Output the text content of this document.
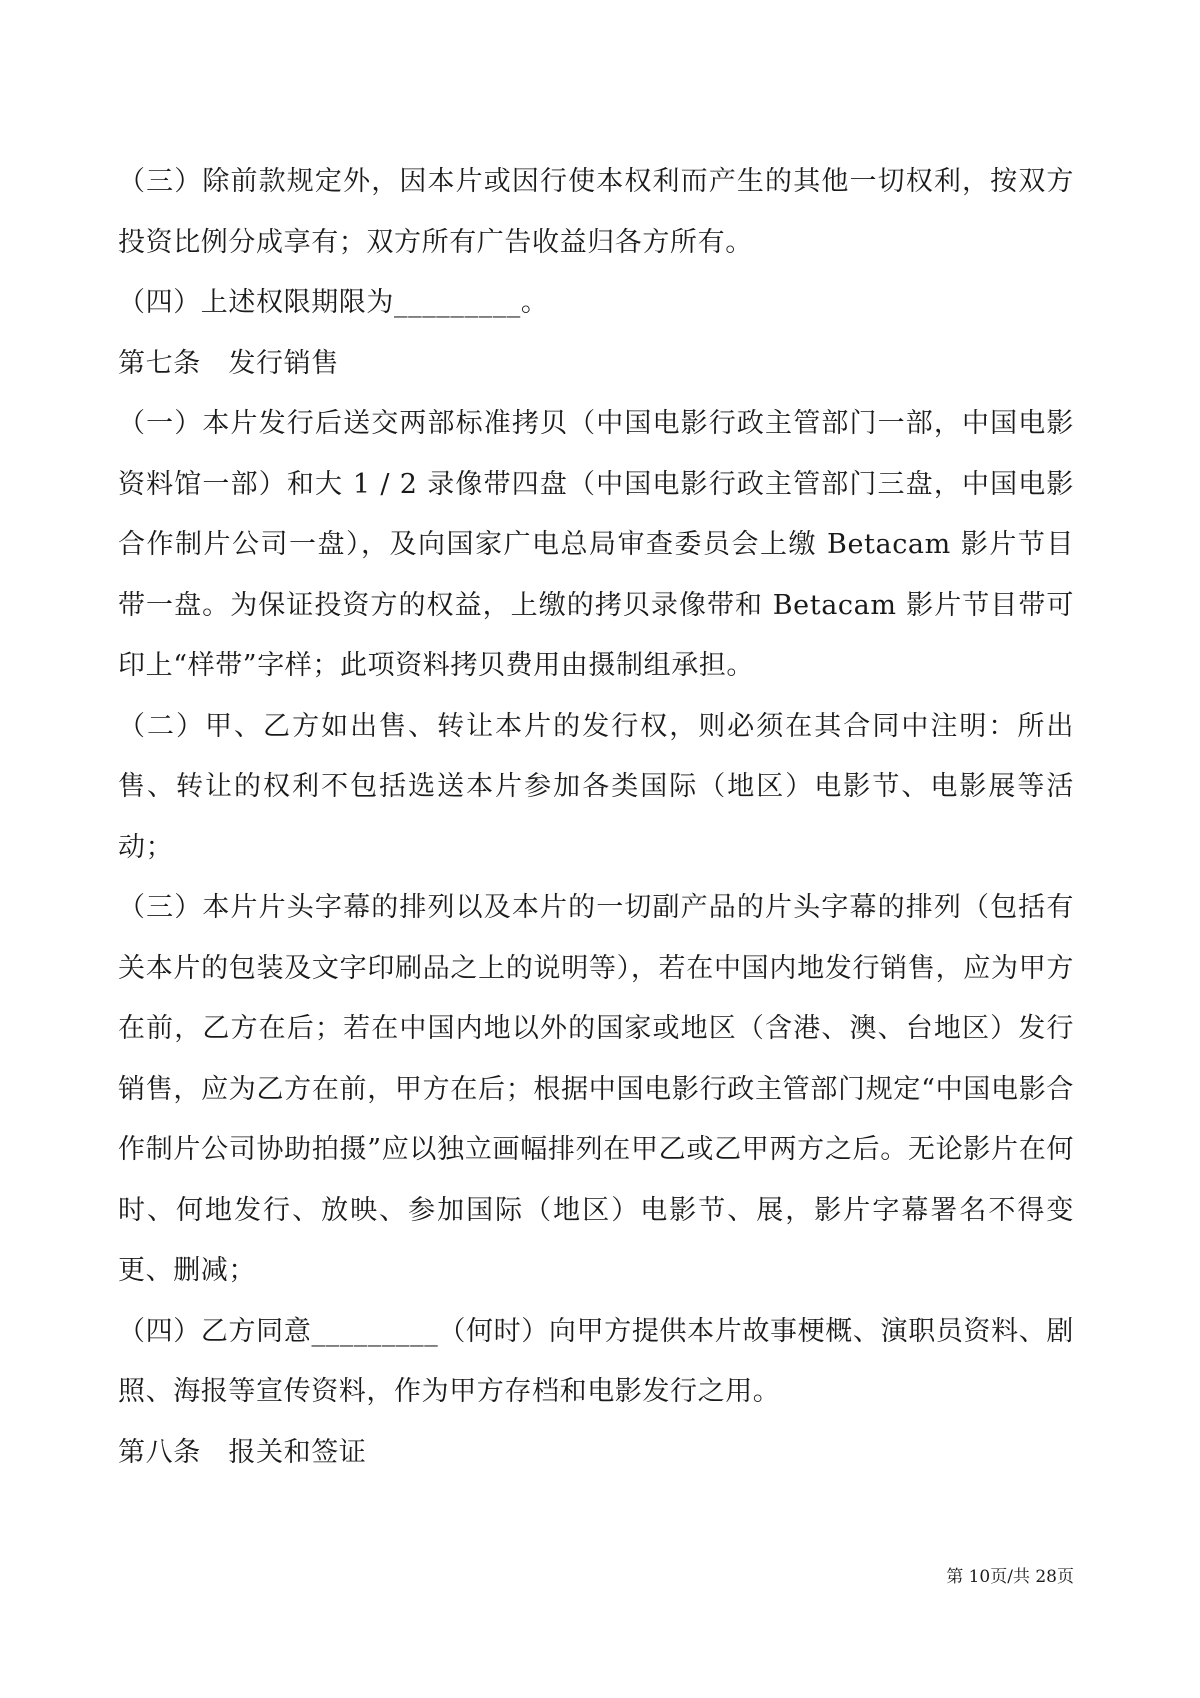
（三）除前款规定外，因本片或因行使本权利而产生的其他一切权利，按双方投资比例分成享有；双方所有广告收益归各方所有。

（四）上述权限期限为_________。

第七条　发行销售

（一）本片发行后送交两部标准拷贝（中国电影行政主管部门一部，中国电影资料馆一部）和大 1 / 2 录像带四盘（中国电影行政主管部门三盘，中国电影合作制片公司一盘），及向国家广电总局审查委员会上缴 Betacam 影片节目带一盘。为保证投资方的权益，上缴的拷贝录像带和 Betacam 影片节目带可印上“样带”字样；此项资料拷贝费用由摄制组承担。

（二）甲、乙方如出售、转让本片的发行权，则必须在其合同中注明：所出售、转让的权利不包括选送本片参加各类国际（地区）电影节、电影展等活动；

（三）本片片头字幕的排列以及本片的一切副产品的片头字幕的排列（包括有关本片的包装及文字印刷品之上的说明等），若在中国内地发行销售，应为甲方在前，乙方在后；若在中国内地以外的国家或地区（含港、澳、台地区）发行销售，应为乙方在前，甲方在后；根据中国电影行政主管部门规定“中国电影合作制片公司协助拍摄”应以独立画幅排列在甲乙或乙甲两方之后。无论影片在何时、何地发行、放映、参加国际（地区）电影节、展，影片字幕署名不得变更、删减；

（四）乙方同意_________（何时）向甲方提供本片故事梗概、演职员资料、剧照、海报等宣传资料，作为甲方存档和电影发行之用。

第八条　报关和签证

第 10页/共 28页
